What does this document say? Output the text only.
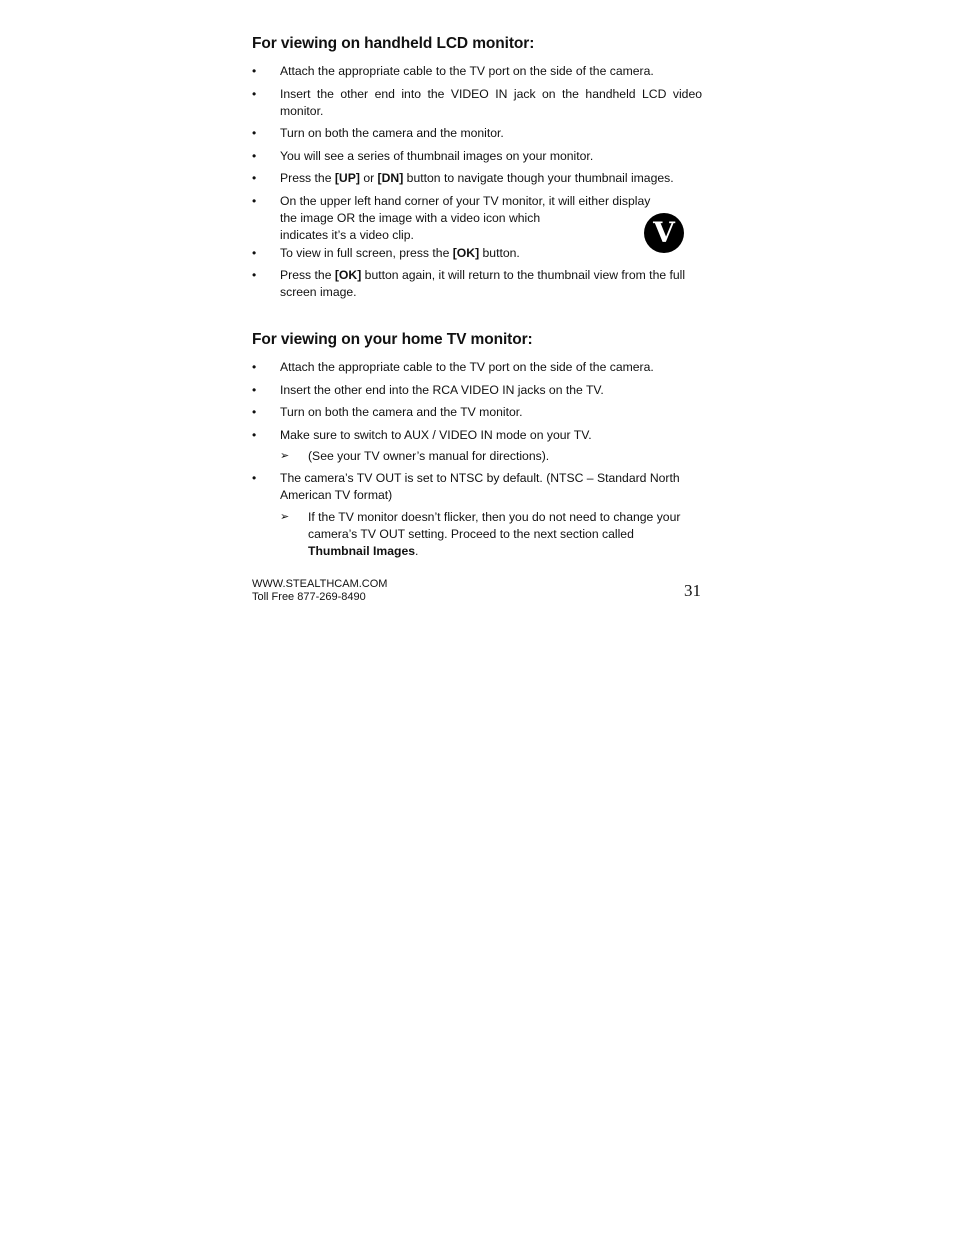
For viewing on handheld LCD monitor:
•	Attach the appropriate cable to the TV port on the side of the camera.
•	Insert the other end into the VIDEO IN jack on the handheld LCD video monitor.
•	Turn on both the camera and the monitor.
•	You will see a series of thumbnail images on your monitor.
•	Press the [UP] or [DN] button to navigate though your thumbnail images.
•	On the upper left hand corner of your TV monitor, it will either display
the image OR the image with a video icon which
indicates it’s a video clip.
•	To view in full screen, press the [OK] button.
•	Press the [OK] button again, it will return to the thumbnail view from the full screen image.
For viewing on your home TV monitor:
•	Attach the appropriate cable to the TV port on the side of the camera.
•	Insert the other end into the RCA VIDEO IN jacks on the TV.
•	Turn on both the camera and the TV monitor.
•	Make sure to switch to AUX / VIDEO IN mode on your TV.
➢ (See your TV owner’s manual for directions).
•	The camera’s TV OUT is set to NTSC by default. (NTSC – Standard North American TV format)
➢ If the TV monitor doesn’t flicker, then you do not need to change your camera’s TV OUT setting. Proceed to the next section called Thumbnail Images.
V
WWW.STEALTHCAM.COM
Toll Free 877-269-8490	31
